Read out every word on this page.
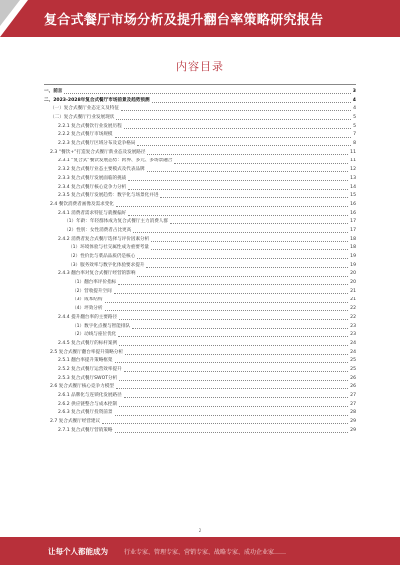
复合式餐厅市场分析及提升翻台率策略研究报告
内容目录
一、前言	3
二、2023-2028年复合式餐厅市场前景及趋势预测	4
（一）复合式餐厅业态定义及特征	4
（二）复合式餐厅行业发展现状	5
2.2.1 复合式餐饮行业发展历程	5
2.2.2 复合式餐厅市场规模	7
2.2.3 复合式餐厅区域分布及竞争格局	8
2.3 “餐饮+”打造复合式餐厅新业态及发展路径	11
2.3.1 “复合式”餐饮发展态势：跨界、多元、多场景融合	11
2.3.2 复合式餐厅业态主要模式及代表品牌	12
2.3.3 复合式餐厅发展面临的挑战	13
2.3.4 复合式餐厅核心竞争力分析	14
2.3.5 复合式餐厅发展趋势：数字化与场景化并进	15
2.4 餐饮消费者画像及需求变化	16
2.4.1 消费者需求特征与就餐偏好	16
（1）年龄：年轻群体成为复合式餐厅主力消费人群	17
（2）性别：女性消费者占比更高	17
2.4.2 消费者复合式餐厅选择与评价因素分析	18
（1）环境体验与社交属性成为重要考量	18
（2）性价比与菜品品质仍是核心	19
（3）服务效率与数字化体验要求提升	19
2.4.3 翻台率对复合式餐厅经营的影响	20
（1）翻台率评价指标	20
（2）营收提升空间	21
（3）成本结构	21
（4）坪效分析	22
2.4.4 提升翻台率的主要路径	22
（1）数字化点餐与智能排队	23
（2）动线与座位优化	23
2.4.5 复合式餐厅的标杆案例	24
2.5 复合式餐厅翻台率提升策略分析	24
2.5.1 翻台率提升策略框架	25
2.5.2 复合式餐厅运营效率提升	25
2.5.3 复合式餐厅SWOT分析	26
2.6 复合式餐厅核心竞争力模型	26
2.6.1 品牌化与连锁化发展路径	27
2.6.2 供应链整合与成本控制	27
2.6.3 复合式餐厅投资前景	28
2.7 复合式餐厅经营建议	29
2.7.1 复合式餐厅营销策略	29
2
让每个人都能成为	行业专家、管理专家、营销专家、战略专家、成功企业家……
